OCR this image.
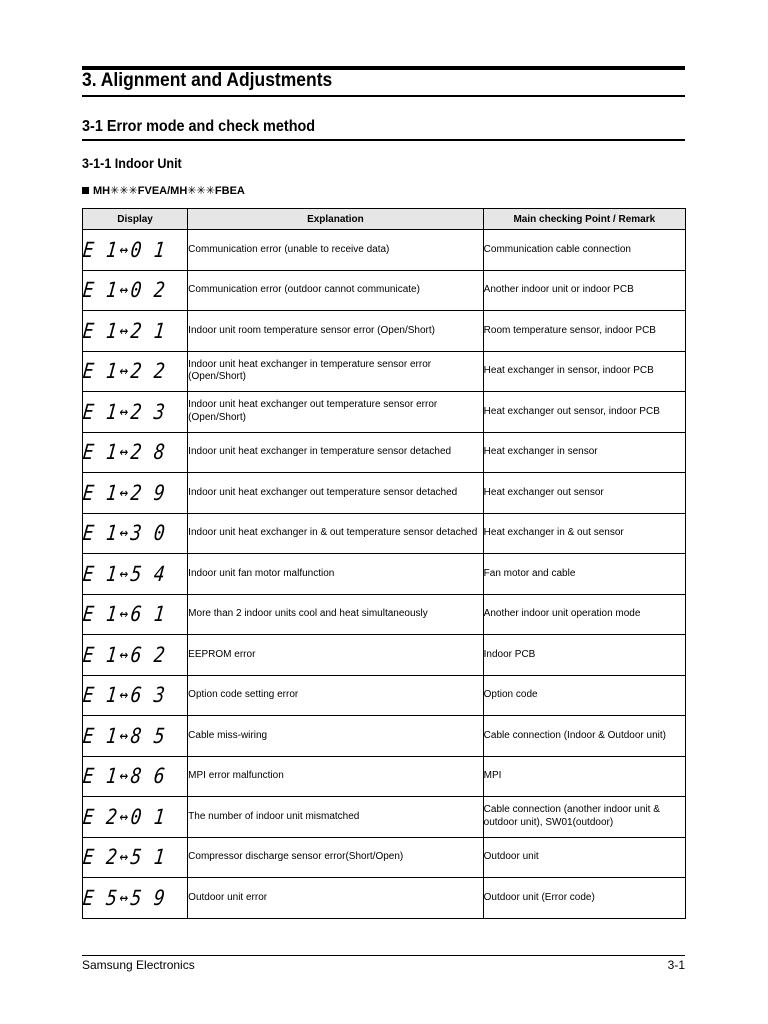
3. Alignment and Adjustments
3-1 Error mode and check method
3-1-1 Indoor Unit
MH✳✳✳FVEA/MH✳✳✳FBEA
Display	Explanation	Main checking Point / Remark

E 1 ↔ 0 1	Communication error (unable to receive data)	Communication cable connection

E 1 ↔ 0 2	Communication error (outdoor cannot communicate)	Another indoor unit or indoor PCB

E 1 ↔ 2 1	Indoor unit room temperature sensor error (Open/Short)	Room temperature sensor, indoor PCB

E 1 ↔ 2 2	Indoor unit heat exchanger in temperature sensor error (Open/Short)	Heat exchanger in sensor, indoor PCB

E 1 ↔ 2 3	Indoor unit heat exchanger out temperature sensor error (Open/Short)	Heat exchanger out sensor, indoor PCB

E 1 ↔ 2 8	Indoor unit heat exchanger in temperature sensor detached	Heat exchanger in sensor

E 1 ↔ 2 9	Indoor unit heat exchanger out temperature sensor detached	Heat exchanger out sensor

E 1 ↔ 3 0	Indoor unit heat exchanger in & out temperature sensor detached	Heat exchanger in & out sensor

E 1 ↔ 5 4	Indoor unit fan motor malfunction	Fan motor and cable

E 1 ↔ 6 1	More than 2 indoor units cool and heat simultaneously	Another indoor unit operation mode

E 1 ↔ 6 2	EEPROM error	Indoor PCB

E 1 ↔ 6 3	Option code setting error	Option code

E 1 ↔ 8 5	Cable miss-wiring	Cable connection (Indoor & Outdoor unit)

E 1 ↔ 8 6	MPI error malfunction	MPI

E 2 ↔ 0 1	The number of indoor unit mismatched	Cable connection (another indoor unit & outdoor unit), SW01(outdoor)

E 2 ↔ 5 1	Compressor discharge sensor error(Short/Open)	Outdoor unit

E 5 ↔ 5 9	Outdoor unit error	Outdoor unit (Error code)
Samsung Electronics	3-1
